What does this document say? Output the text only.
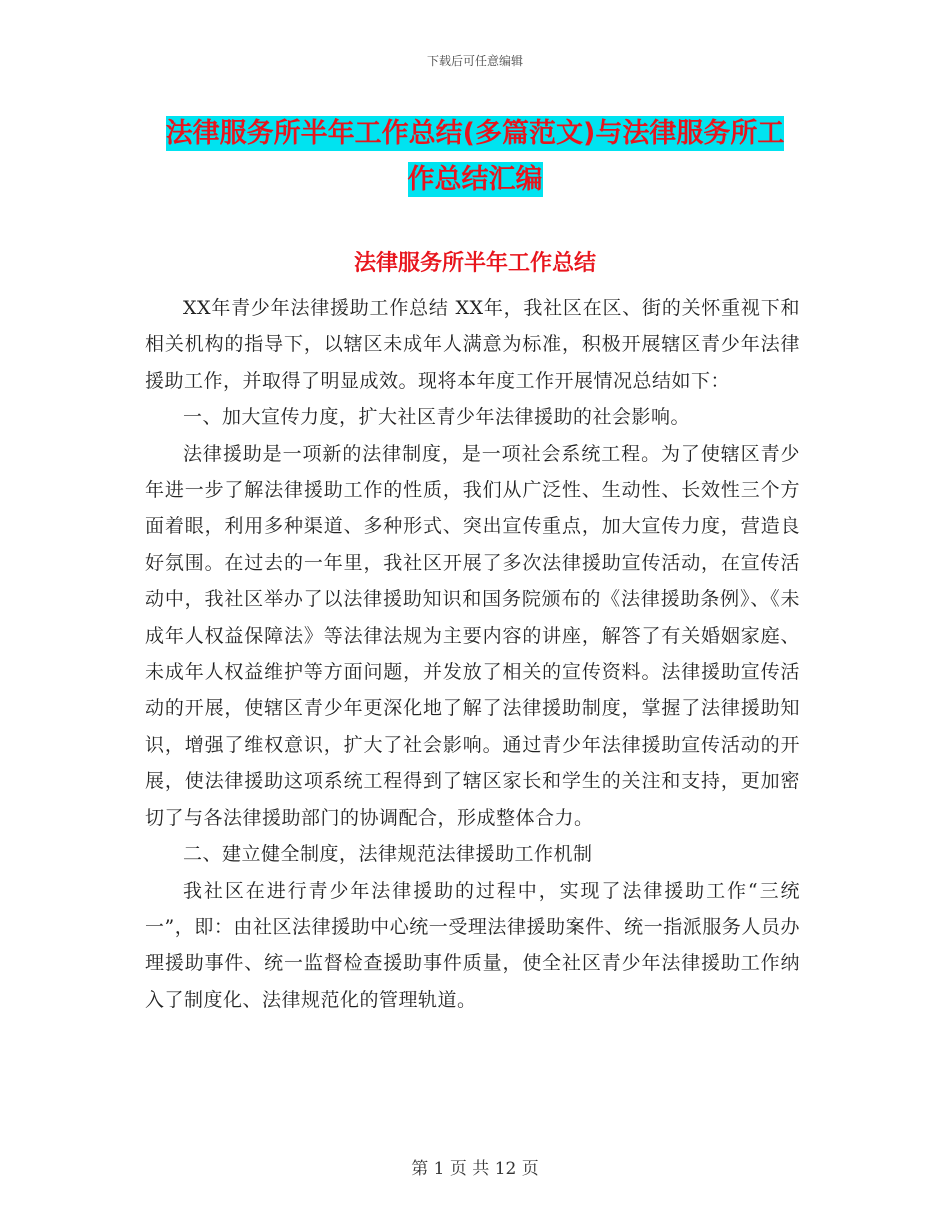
下载后可任意编辑
法律服务所半年工作总结(多篇范文)与法律服务所工
作总结汇编
法律服务所半年工作总结

XX年青少年法律援助工作总结 XX年，我社区在区、街的关怀重视下和相关机构的指导下，以辖区未成年人满意为标准，积极开展辖区青少年法律援助工作，并取得了明显成效。现将本年度工作开展情况总结如下：

一、加大宣传力度，扩大社区青少年法律援助的社会影响。

法律援助是一项新的法律制度，是一项社会系统工程。为了使辖区青少年进一步了解法律援助工作的性质，我们从广泛性、生动性、长效性三个方面着眼，利用多种渠道、多种形式、突出宣传重点，加大宣传力度，营造良好氛围。在过去的一年里，我社区开展了多次法律援助宣传活动，在宣传活动中，我社区举办了以法律援助知识和国务院颁布的《法律援助条例》、《未成年人权益保障法》等法律法规为主要内容的讲座，解答了有关婚姻家庭、未成年人权益维护等方面问题，并发放了相关的宣传资料。法律援助宣传活动的开展，使辖区青少年更深化地了解了法律援助制度，掌握了法律援助知识，增强了维权意识，扩大了社会影响。通过青少年法律援助宣传活动的开展，使法律援助这项系统工程得到了辖区家长和学生的关注和支持，更加密切了与各法律援助部门的协调配合，形成整体合力。

二、建立健全制度，法律规范法律援助工作机制

我社区在进行青少年法律援助的过程中，实现了法律援助工作“三统一”，即：由社区法律援助中心统一受理法律援助案件、统一指派服务人员办理援助事件、统一监督检查援助事件质量，使全社区青少年法律援助工作纳入了制度化、法律规范化的管理轨道。

第 1 页 共 12 页
